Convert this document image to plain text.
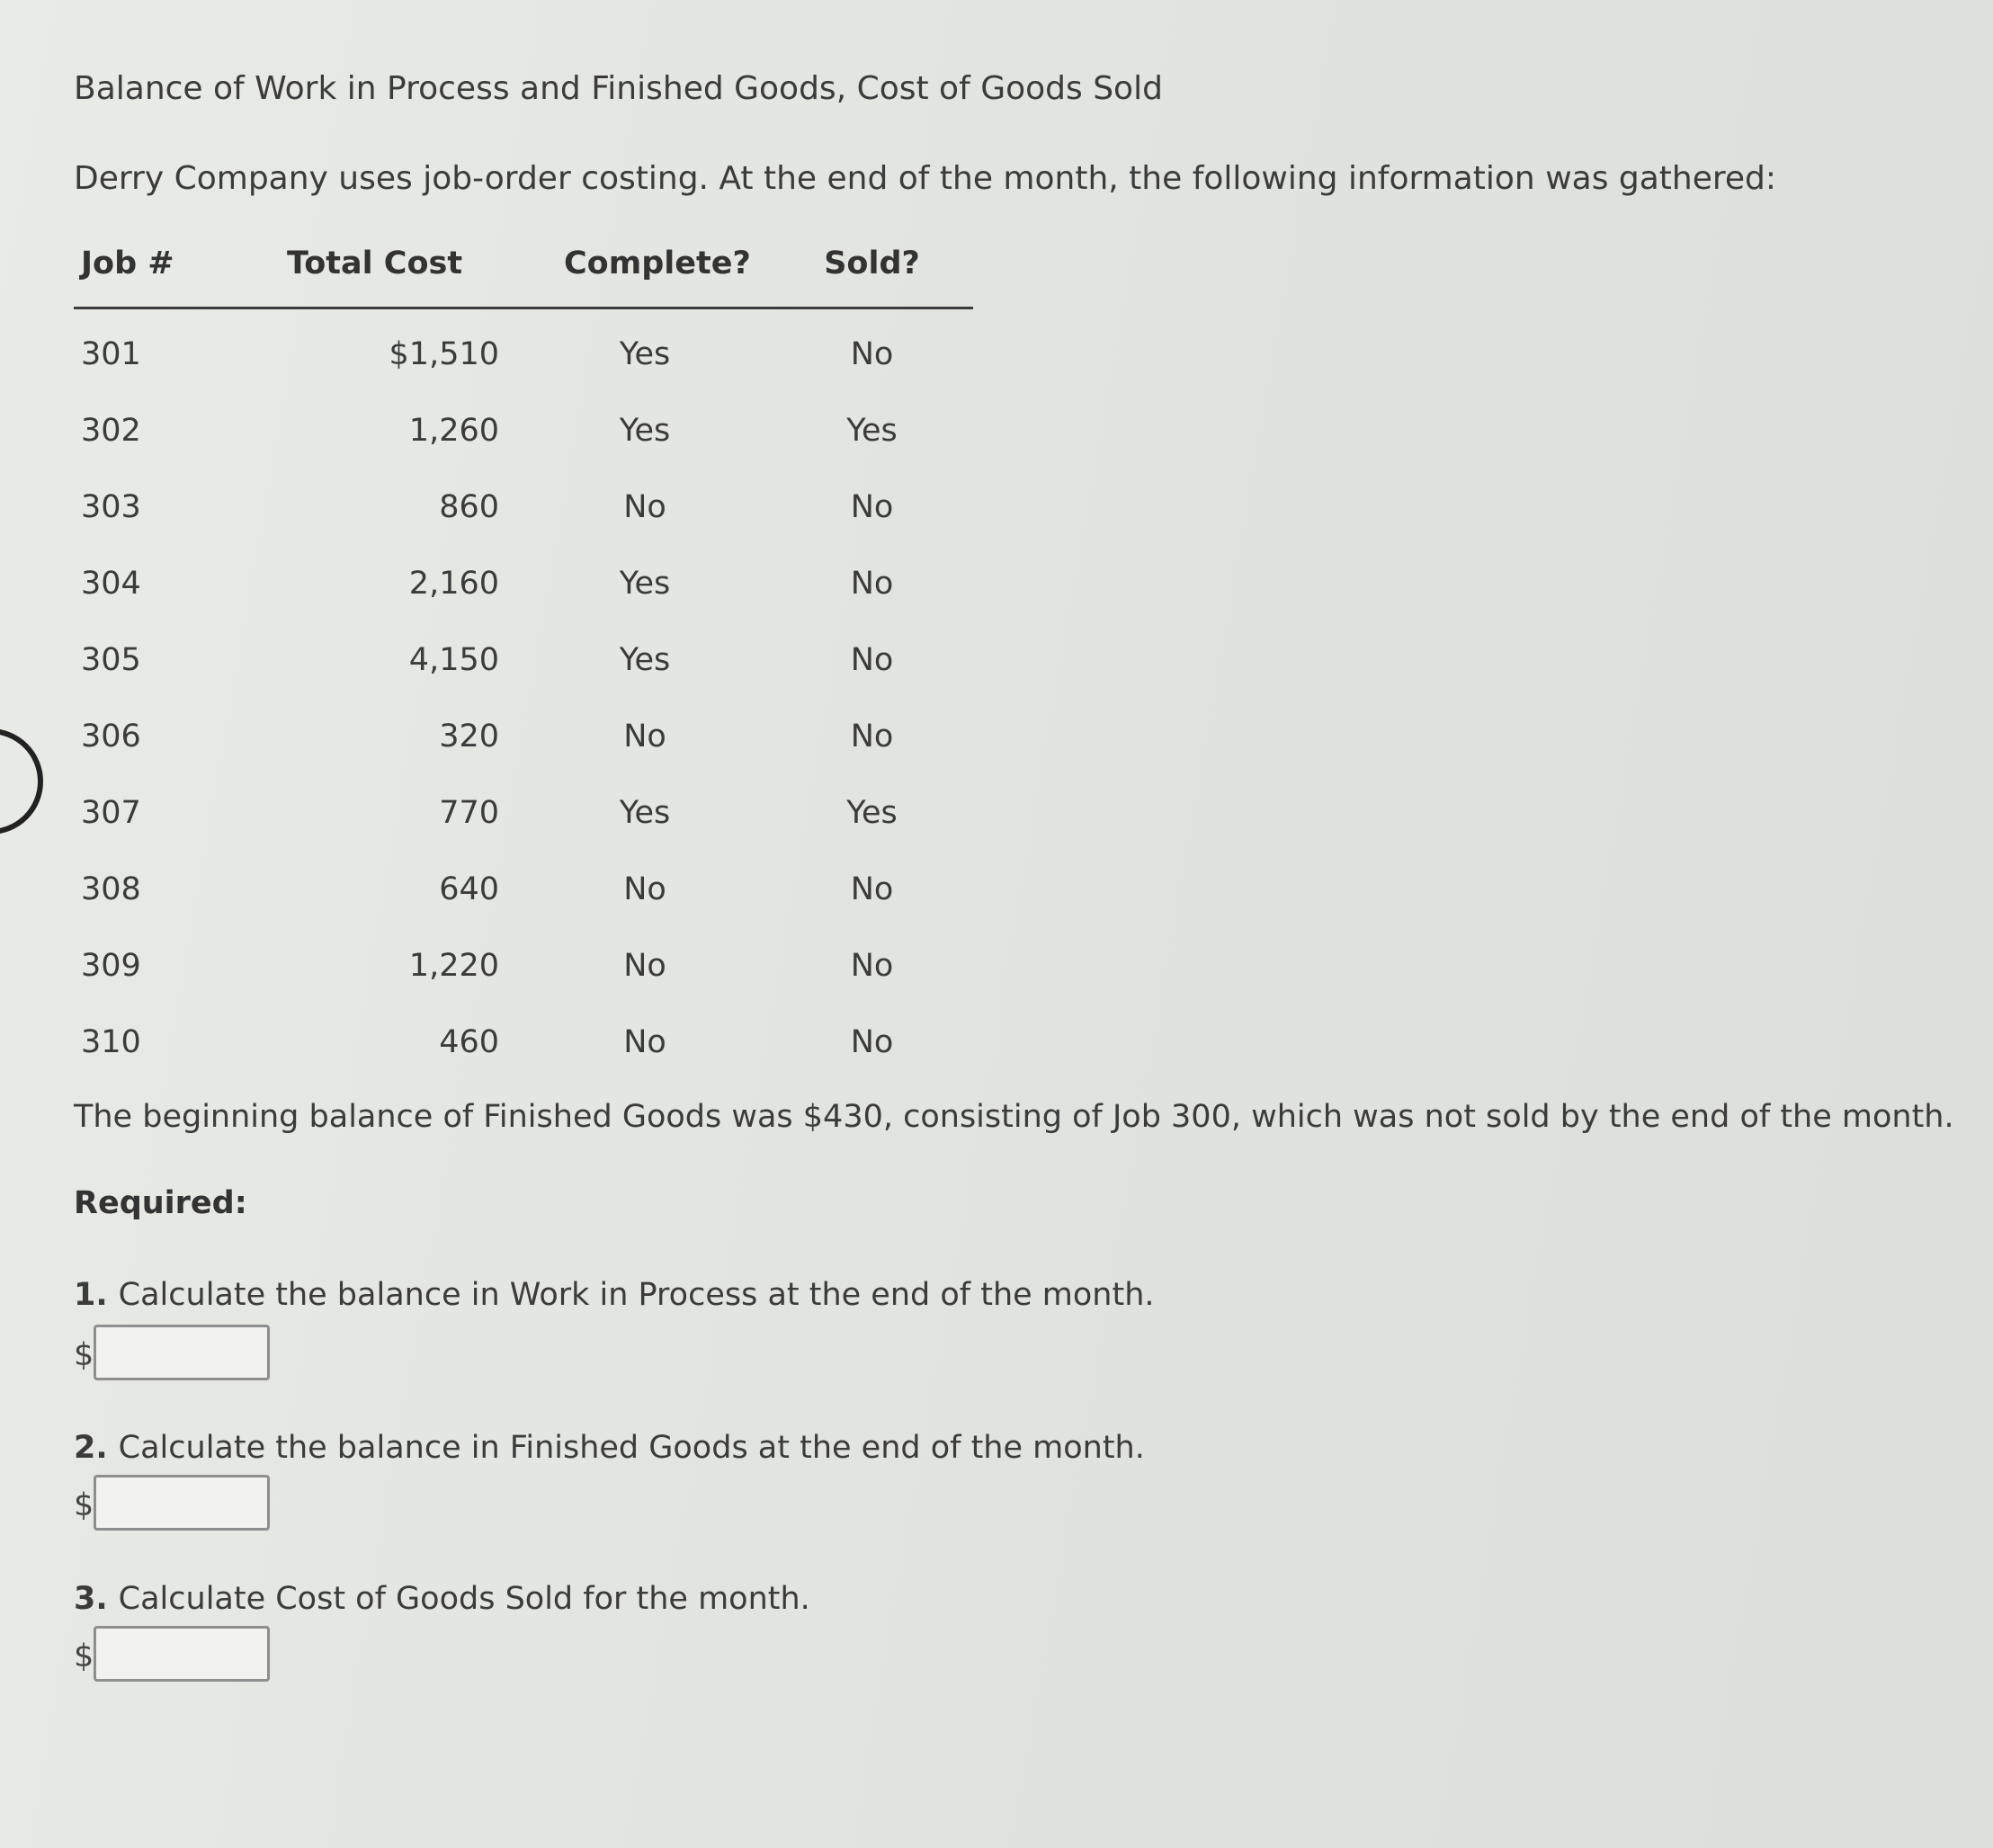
Balance of Work in Process and Finished Goods, Cost of Goods Sold
Derry Company uses job-order costing. At the end of the month, the following information was gathered:
Job #	Total Cost	Complete?	Sold?
301	$1,510	Yes	No
302	1,260	Yes	Yes
303	860	No	No
304	2,160	Yes	No
305	4,150	Yes	No
306	320	No	No
307	770	Yes	Yes
308	640	No	No
309	1,220	No	No
310	460	No	No
The beginning balance of Finished Goods was $430, consisting of Job 300, which was not sold by the end of the month.
Required:
1. Calculate the balance in Work in Process at the end of the month.
$
2. Calculate the balance in Finished Goods at the end of the month.
$
3. Calculate Cost of Goods Sold for the month.
$
